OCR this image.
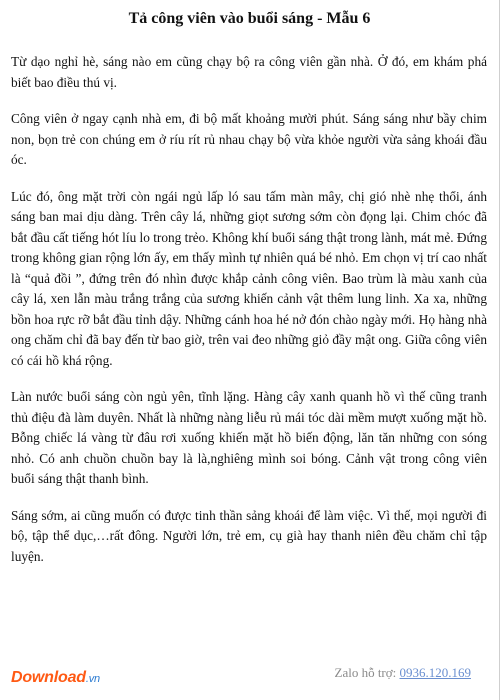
Tả công viên vào buổi sáng - Mẫu 6

Từ dạo nghỉ hè, sáng nào em cũng chạy bộ ra công viên gần nhà. Ở đó, em khám phá biết bao điều thú vị.

Công viên ở ngay cạnh nhà em, đi bộ mất khoảng mười phút. Sáng sáng như bầy chim non, bọn trẻ con chúng em ở ríu rít rủ nhau chạy bộ vừa khỏe người vừa sảng khoái đầu óc.

Lúc đó, ông mặt trời còn ngái ngủ lấp ló sau tấm màn mây, chị gió nhè nhẹ thổi, ánh sáng ban mai dịu dàng. Trên cây lá, những giọt sương sớm còn đọng lại. Chim chóc đã bắt đầu cất tiếng hót líu lo trong trẻo. Không khí buổi sáng thật trong lành, mát mẻ. Đứng trong không gian rộng lớn ấy, em thấy mình tự nhiên quá bé nhỏ. Em chọn vị trí cao nhất là “quả đồi ”, đứng trên đó nhìn được khắp cảnh công viên. Bao trùm là màu xanh của cây lá, xen lẫn màu trắng trắng của sương khiến cảnh vật thêm lung linh. Xa xa, những bồn hoa rực rỡ bắt đầu tỉnh dậy. Những cánh hoa hé nở đón chào ngày mới. Họ hàng nhà ong chăm chỉ đã bay đến từ bao giờ, trên vai đeo những giỏ đầy mật ong. Giữa công viên có cái hồ khá rộng.

Làn nước buổi sáng còn ngủ yên, tĩnh lặng. Hàng cây xanh quanh hồ vì thế cũng tranh thủ điệu đà làm duyên. Nhất là những nàng liễu rủ mái tóc dài mềm mượt xuống mặt hồ. Bỗng chiếc lá vàng từ đâu rơi xuống khiến mặt hồ biến động, lăn tăn những con sóng nhỏ. Có anh chuồn chuồn bay là là,nghiêng mình soi bóng. Cảnh vật trong công viên buổi sáng thật thanh bình.

Sáng sớm, ai cũng muốn có được tinh thần sảng khoái để làm việc. Vì thế, mọi người đi bộ, tập thể dục,…rất đông. Người lớn, trẻ em, cụ già hay thanh niên đều chăm chỉ tập luyện.

Download.vn	Zalo hỗ trợ: 0936.120.169
